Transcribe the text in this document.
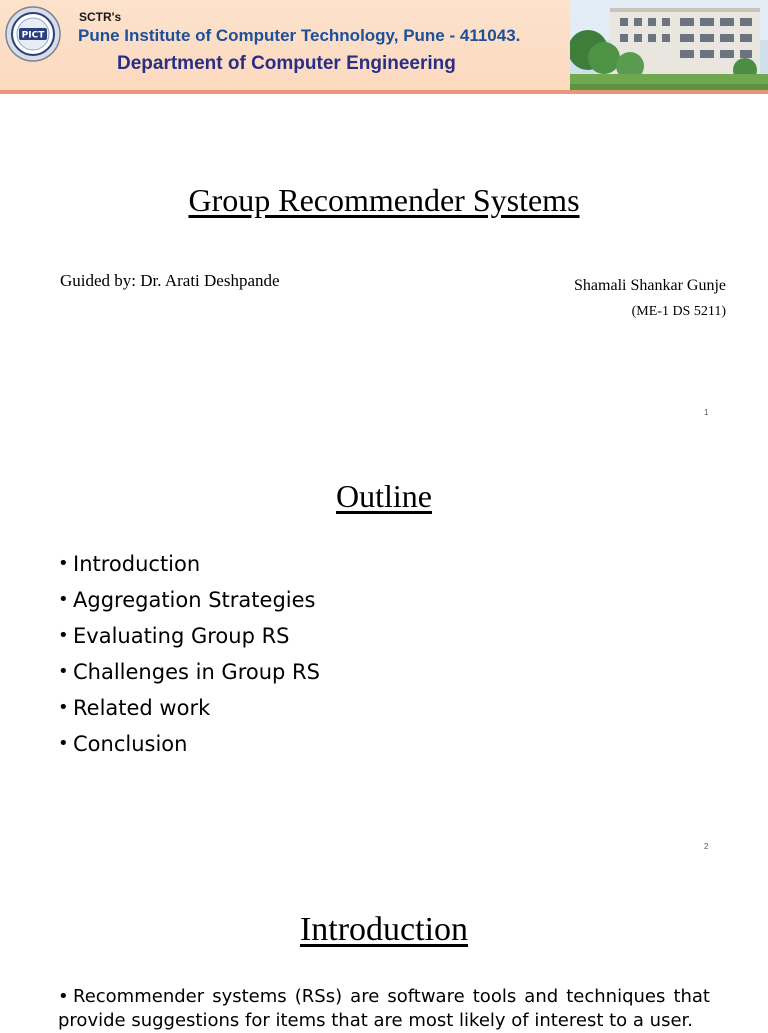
PICT
SCTR's
Pune Institute of Computer Technology, Pune - 411043.
Department of Computer Engineering
Group Recommender Systems
Guided by: Dr. Arati Deshpande	Shamali Shankar Gunje
(ME-1 DS 5211)
1
Outline
• Introduction
• Aggregation Strategies
• Evaluating Group RS
• Challenges in Group RS
• Related work
• Conclusion
2
Introduction
• Recommender systems (RSs) are software tools and techniques that provide suggestions for items that are most likely of interest to a user.
